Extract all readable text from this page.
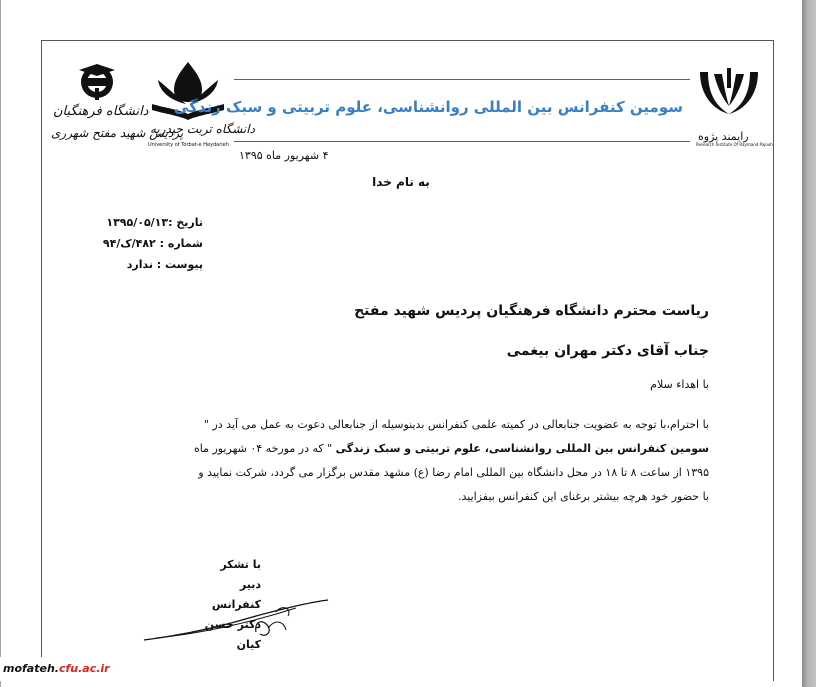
دانشگاه فرهنگیان
پردیس شهید مفتح شهرری
دانشگاه تربت حیدریه
University of Torbat-e Heydarieh
رایمند پژوه
Research Institute Of Raymand Pajouh
سومین کنفرانس بین المللی روانشناسی، علوم تربیتی و سبک زندگی
۴ شهریور ماه ۱۳۹۵
به نام خدا
تاریخ :۱۳۹۵/۰۵/۱۳
شماره : ۴۸۲/ک/۹۴
پیوست : ندارد
ریاست محترم دانشگاه فرهنگیان پردیس شهید مفتح
جناب آقای دکتر مهران بیغمی
با اهداء سلام
با احترام،با توجه به عضویت جنابعالی در کمیته علمی کنفرانس بدینوسیله از جنابعالی دعوت به عمل می آید در " سومین کنفرانس بین المللی روانشناسی، علوم تربیتی و سبک زندگی " که در مورخه ۰۴ شهریور ماه ۱۳۹۵ از ساعت ۸ تا ۱۸ در محل دانشگاه بین المللی امام رضا (ع) مشهد مقدس برگزار می گردد، شرکت نمایید و با حضور خود هرچه بیشتر برغنای این کنفرانس بیفزایید.
با تشکر
دبیر کنفرانس
دکتر حسن کیان
mofateh.cfu.ac.ir
